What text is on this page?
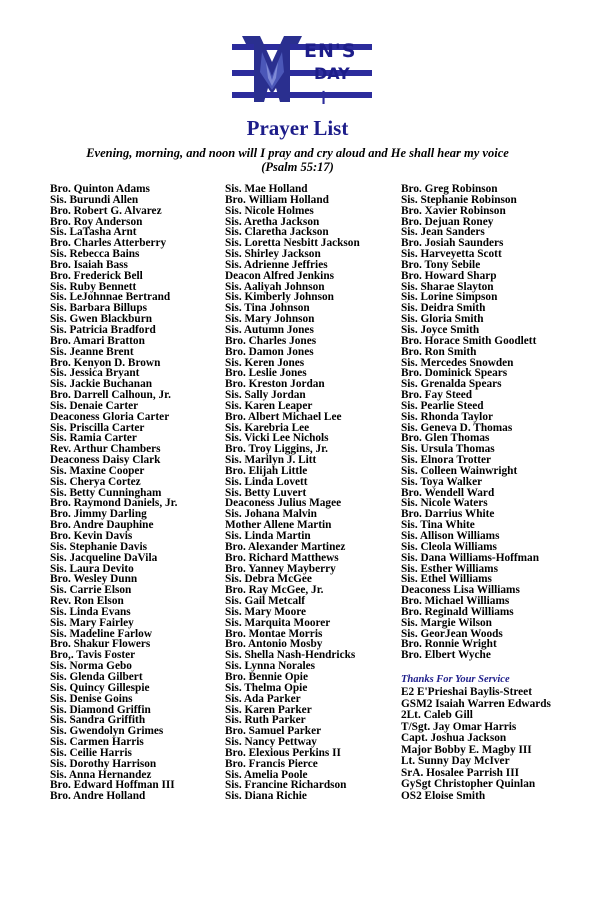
EN'S
DAY
✝
Prayer List
Evening, morning, and noon will I pray and cry aloud and He shall hear my voice
(Psalm 55:17)
Bro. Quinton Adams
Sis. Burundi Allen
Bro. Robert G. Alvarez
Bro. Roy Anderson
Sis. LaTasha Arnt
Bro. Charles Atterberry
Sis. Rebecca Bains
Bro. Isaiah Bass
Bro. Frederick Bell
Sis. Ruby Bennett
Sis. LeJohnnae Bertrand
Sis. Barbara Billups
Sis. Gwen Blackburn
Sis. Patricia Bradford
Bro. Amari Bratton
Sis. Jeanne Brent
Bro. Kenyon D. Brown
Sis. Jessica Bryant
Sis. Jackie Buchanan
Bro. Darrell Calhoun, Jr.
Sis. Denaie Carter
Deaconess Gloria Carter
Sis. Priscilla Carter
Sis. Ramia Carter
Rev. Arthur Chambers
Deaconess Daisy Clark
Sis. Maxine Cooper
Sis. Cherya Cortez
Sis. Betty Cunningham
Bro. Raymond Daniels, Jr.
Bro. Jimmy Darling
Bro. Andre Dauphine
Bro. Kevin Davis
Sis. Stephanie Davis
Sis. Jacqueline DaVila
Sis. Laura Devito
Bro. Wesley Dunn
Sis. Carrie Elson
Rev. Ron Elson
Sis. Linda Evans
Sis. Mary Fairley
Sis. Madeline Farlow
Bro. Shakur Flowers
Bro,. Tavis Foster
Sis. Norma Gebo
Sis. Glenda Gilbert
Sis. Quincy Gillespie
Sis. Denise Goins
Sis. Diamond Griffin
Sis. Sandra Griffith
Sis. Gwendolyn Grimes
Sis. Carmen Harris
Sis. Ceilie Harris
Sis. Dorothy Harrison
Sis. Anna Hernandez
Bro. Edward Hoffman III
Bro. Andre Holland
Sis. Mae Holland
Bro. William Holland
Sis. Nicole Holmes
Sis. Aretha Jackson
Sis. Claretha Jackson
Sis. Loretta Nesbitt Jackson
Sis. Shirley Jackson
Sis. Adrienne Jeffries
Deacon Alfred Jenkins
Sis. Aaliyah Johnson
Sis. Kimberly Johnson
Sis. Tina Johnson
Sis. Mary Johnson
Sis. Autumn Jones
Bro. Charles Jones
Bro. Damon Jones
Sis. Keren Jones
Bro. Leslie Jones
Bro. Kreston Jordan
Sis. Sally Jordan
Sis. Karen Leaper
Bro. Albert Michael Lee
Sis. Karebria Lee
Sis. Vicki Lee Nichols
Bro. Troy Liggins, Jr.
Sis. Marilyn J. Litt
Bro. Elijah Little
Sis. Linda Lovett
Sis. Betty Luvert
Deaconess Julius Magee
Sis. Johana Malvin
Mother Allene Martin
Sis. Linda Martin
Bro. Alexander Martinez
Bro. Richard Matthews
Bro. Yanney Mayberry
Sis. Debra McGee
Bro. Ray McGee, Jr.
Sis. Gail Metcalf
Sis. Mary Moore
Sis. Marquita Moorer
Bro. Montae Morris
Bro. Antonio Mosby
Sis. Shella Nash-Hendricks
Sis. Lynna Norales
Bro. Bennie Opie
Sis. Thelma Opie
Sis. Ada Parker
Sis. Karen Parker
Sis. Ruth Parker
Bro. Samuel Parker
Sis. Nancy Pettway
Bro. Elexious Perkins II
Bro. Francis Pierce
Sis. Amelia Poole
Sis. Francine Richardson
Sis. Diana Richie
Bro. Greg Robinson
Sis. Stephanie Robinson
Bro. Xavier Robinson
Bro. Dejuan Roney
Sis. Jean Sanders
Bro. Josiah Saunders
Sis. Harveyetta Scott
Bro. Tony Sebile
Bro. Howard Sharp
Sis. Sharae Slayton
Sis. Lorine Simpson
Sis. Deidra Smith
Sis. Gloria Smith
Sis. Joyce Smith
Bro. Horace Smith Goodlett
Bro. Ron Smith
Sis. Mercedes Snowden
Bro. Dominick Spears
Sis. Grenalda Spears
Bro. Fay Steed
Sis. Pearlie Steed
Sis. Rhonda Taylor
Sis. Geneva D. Thomas
Bro. Glen Thomas
Sis. Ursula Thomas
Sis. Elnora Trotter
Sis. Colleen Wainwright
Sis. Toya Walker
Bro. Wendell Ward
Sis. Nicole Waters
Bro. Darrius White
Sis. Tina White
Sis. Allison Williams
Sis. Cleola Williams
Sis. Dana Williams-Hoffman
Sis. Esther Williams
Sis. Ethel Williams
Deaconess Lisa Williams
Bro. Michael Williams
Bro. Reginald Williams
Sis. Margie Wilson
Sis. GeorJean Woods
Bro. Ronnie Wright
Bro. Elbert Wyche
Thanks For Your Service
E2 E'Prieshai Baylis-Street
GSM2 Isaiah Warren Edwards
2Lt. Caleb Gill
T/Sgt. Jay Omar Harris
Capt. Joshua Jackson
Major Bobby E. Magby III
Lt. Sunny Day McIver
SrA. Hosalee Parrish III
GySgt Christopher Quinlan
OS2 Eloise Smith
